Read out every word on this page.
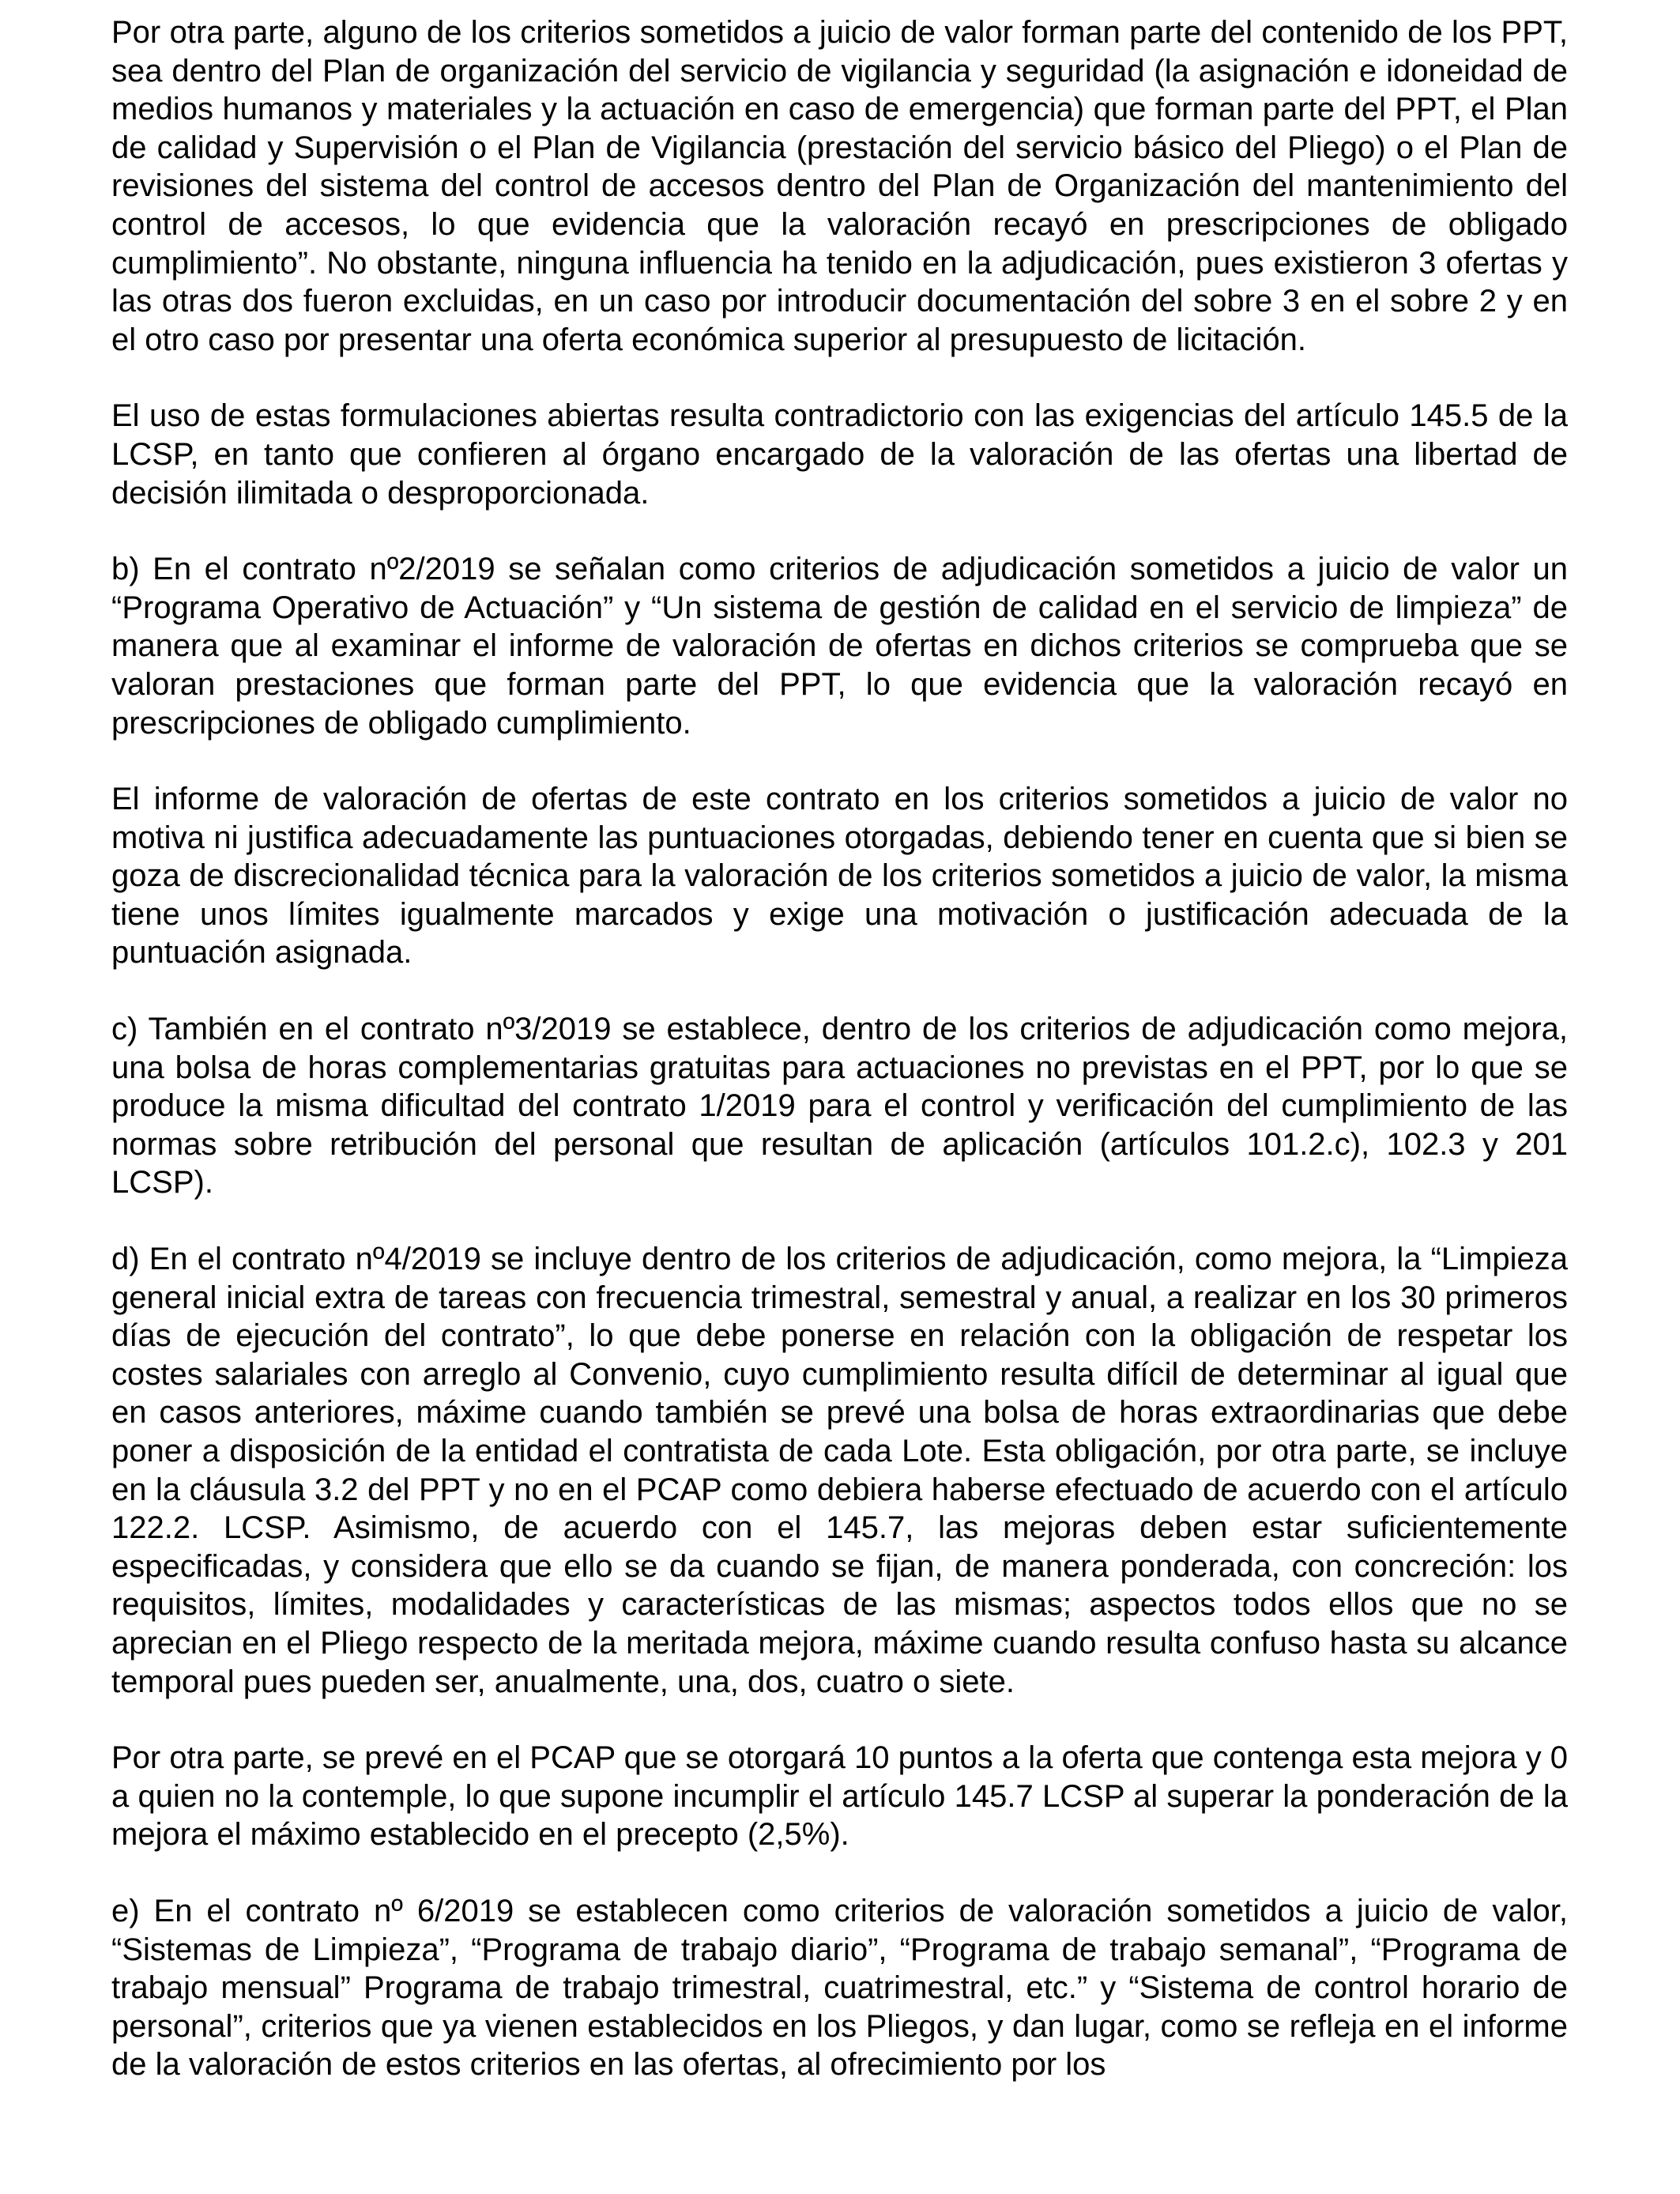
Por otra parte, alguno de los criterios sometidos a juicio de valor forman parte del contenido de los PPT, sea dentro del Plan de organización del servicio de vigilancia y seguridad (la asignación e idoneidad de medios humanos y materiales y la actuación en caso de emergencia) que forman parte del PPT, el Plan de calidad y Supervisión o el Plan de Vigilancia (prestación del servicio básico del Pliego) o el Plan de revisiones del sistema del control de accesos dentro del Plan de Organización del mantenimiento del control de accesos, lo que evidencia que la valoración recayó en prescripciones de obligado cumplimiento”. No obstante, ninguna influencia ha tenido en la adjudicación, pues existieron 3 ofertas y las otras dos fueron excluidas, en un caso por introducir documentación del sobre 3 en el sobre 2 y en el otro caso por presentar una oferta económica superior al presupuesto de licitación.

El uso de estas formulaciones abiertas resulta contradictorio con las exigencias del artículo 145.5 de la LCSP, en tanto que confieren al órgano encargado de la valoración de las ofertas una libertad de decisión ilimitada o desproporcionada.

b) En el contrato nº2/2019 se señalan como criterios de adjudicación sometidos a juicio de valor un “Programa Operativo de Actuación” y “Un sistema de gestión de calidad en el servicio de limpieza” de manera que al examinar el informe de valoración de ofertas en dichos criterios se comprueba que se valoran prestaciones que forman parte del PPT, lo que evidencia que la valoración recayó en prescripciones de obligado cumplimiento.

El informe de valoración de ofertas de este contrato en los criterios sometidos a juicio de valor no motiva ni justifica adecuadamente las puntuaciones otorgadas, debiendo tener en cuenta que si bien se goza de discrecionalidad técnica para la valoración de los criterios sometidos a juicio de valor, la misma tiene unos límites igualmente marcados y exige una motivación o justificación adecuada de la puntuación asignada.

c) También en el contrato nº3/2019 se establece, dentro de los criterios de adjudicación como mejora, una bolsa de horas complementarias gratuitas para actuaciones no previstas en el PPT, por lo que se produce la misma dificultad del contrato 1/2019 para el control y verificación del cumplimiento de las normas sobre retribución del personal que resultan de aplicación (artículos 101.2.c), 102.3 y 201 LCSP).

d) En el contrato nº4/2019 se incluye dentro de los criterios de adjudicación, como mejora, la “Limpieza general inicial extra de tareas con frecuencia trimestral, semestral y anual, a realizar en los 30 primeros días de ejecución del contrato”, lo que debe ponerse en relación con la obligación de respetar los costes salariales con arreglo al Convenio, cuyo cumplimiento resulta difícil de determinar al igual que en casos anteriores, máxime cuando también se prevé una bolsa de horas extraordinarias que debe poner a disposición de la entidad el contratista de cada Lote. Esta obligación, por otra parte, se incluye en la cláusula 3.2 del PPT y no en el PCAP como debiera haberse efectuado de acuerdo con el artículo 122.2. LCSP. Asimismo, de acuerdo con el 145.7, las mejoras deben estar suficientemente especificadas, y considera que ello se da cuando se fijan, de manera ponderada, con concreción: los requisitos, límites, modalidades y características de las mismas; aspectos todos ellos que no se aprecian en el Pliego respecto de la meritada mejora, máxime cuando resulta confuso hasta su alcance temporal pues pueden ser, anualmente, una, dos, cuatro o siete.

Por otra parte, se prevé en el PCAP que se otorgará 10 puntos a la oferta que contenga esta mejora y 0 a quien no la contemple, lo que supone incumplir el artículo 145.7 LCSP al superar la ponderación de la mejora el máximo establecido en el precepto (2,5%).

e) En el contrato nº 6/2019 se establecen como criterios de valoración sometidos a juicio de valor, “Sistemas de Limpieza”, “Programa de trabajo diario”, “Programa de trabajo semanal”, “Programa de trabajo mensual” Programa de trabajo trimestral, cuatrimestral, etc.” y “Sistema de control horario de personal”, criterios que ya vienen establecidos en los Pliegos, y dan lugar, como se refleja en el informe de la valoración de estos criterios en las ofertas, al ofrecimiento por los
